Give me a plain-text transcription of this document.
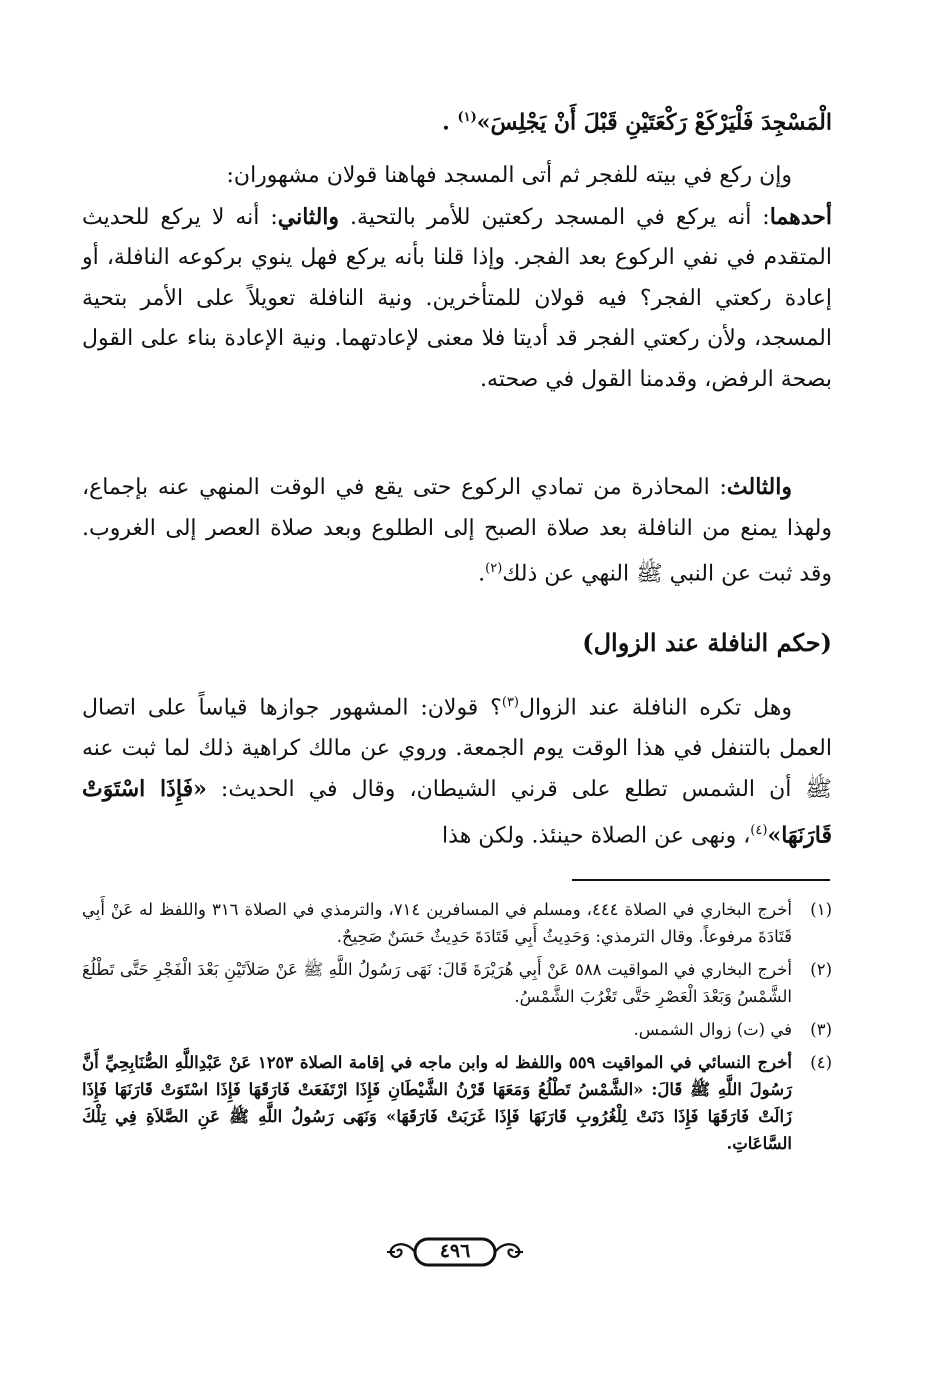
الْمَسْجِدَ فَلْيَرْكَعْ رَكْعَتَيْنِ قَبْلَ أَنْ يَجْلِسَ»$^{(١)}$ .

وإن ركع في بيته للفجر ثم أتى المسجد فهاهنا قولان مشهوران:

أحدهما: أنه يركع في المسجد ركعتين للأمر بالتحية. والثاني: أنه لا يركع للحديث المتقدم في نفي الركوع بعد الفجر. وإذا قلنا بأنه يركع فهل ينوي بركوعه النافلة، أو إعادة ركعتي الفجر؟ فيه قولان للمتأخرين. ونية النافلة تعويلاً على الأمر بتحية المسجد، ولأن ركعتي الفجر قد أديتا فلا معنى لإعادتهما. ونية الإعادة بناء على القول بصحة الرفض، وقدمنا القول في صحته.

والثالث: المحاذرة من تمادي الركوع حتى يقع في الوقت المنهي عنه بإجماع، ولهذا يمنع من النافلة بعد صلاة الصبح إلى الطلوع وبعد صلاة العصر إلى الغروب. وقد ثبت عن النبي ﷺ النهي عن ذلك$^{(٢)}$.

(حكم النافلة عند الزوال)

وهل تكره النافلة عند الزوال$^{(٣)}$؟ قولان: المشهور جوازها قياساً على اتصال العمل بالتنفل في هذا الوقت يوم الجمعة. وروي عن مالك كراهية ذلك لما ثبت عنه ﷺ أن الشمس تطلع على قرني الشيطان، وقال في الحديث: «فَإِذَا اسْتَوَتْ قَارَنَهَا»$^{(٤)}$، ونهى عن الصلاة حينئذ. ولكن هذا

(١)
أخرج البخاري في الصلاة ٤٤٤، ومسلم في المسافرين ٧١٤، والترمذي في الصلاة ٣١٦ واللفظ له عَنْ أَبِي قَتَادَةَ مرفوعاً. وقال الترمذي: وَحَدِيثُ أَبِي قَتَادَةَ حَدِيثٌ حَسَنٌ صَحِيحٌ.
(٢)
أخرج البخاري في المواقيت ٥٨٨ عَنْ أَبِي هُرَيْرَةَ قَالَ: نَهَى رَسُولُ اللَّهِ ﷺ عَنْ صَلاَتَيْنِ بَعْدَ الْفَجْرِ حَتَّى تَطْلُعَ الشَّمْسُ وَبَعْدَ الْعَصْرِ حَتَّى تَغْرُبَ الشَّمْسُ.
(٣)
في (ت) زوال الشمس.
(٤)
أخرج النسائي في المواقيت ٥٥٩ واللفظ له وابن ماجه في إقامة الصلاة ١٢٥٣ عَنْ عَبْدِاللَّهِ الصُّنَابِحِيِّ أَنَّ رَسُولَ اللَّهِ ﷺ قَالَ: «الشَّمْسُ تَطْلُعُ وَمَعَهَا قَرْنُ الشَّيْطَانِ فَإِذَا ارْتَفَعَتْ فَارَقَهَا فَإِذَا اسْتَوَتْ قَارَنَهَا فَإِذَا زَالَتْ فَارَقَهَا فَإِذَا دَنَتْ لِلْغُرُوبِ قَارَنَهَا فَإِذَا غَرَبَتْ فَارَقَهَا» وَنَهَى رَسُولُ اللَّهِ ﷺ عَنِ الصَّلاَةِ فِي تِلْكَ السَّاعَاتِ.
٤٩٦
